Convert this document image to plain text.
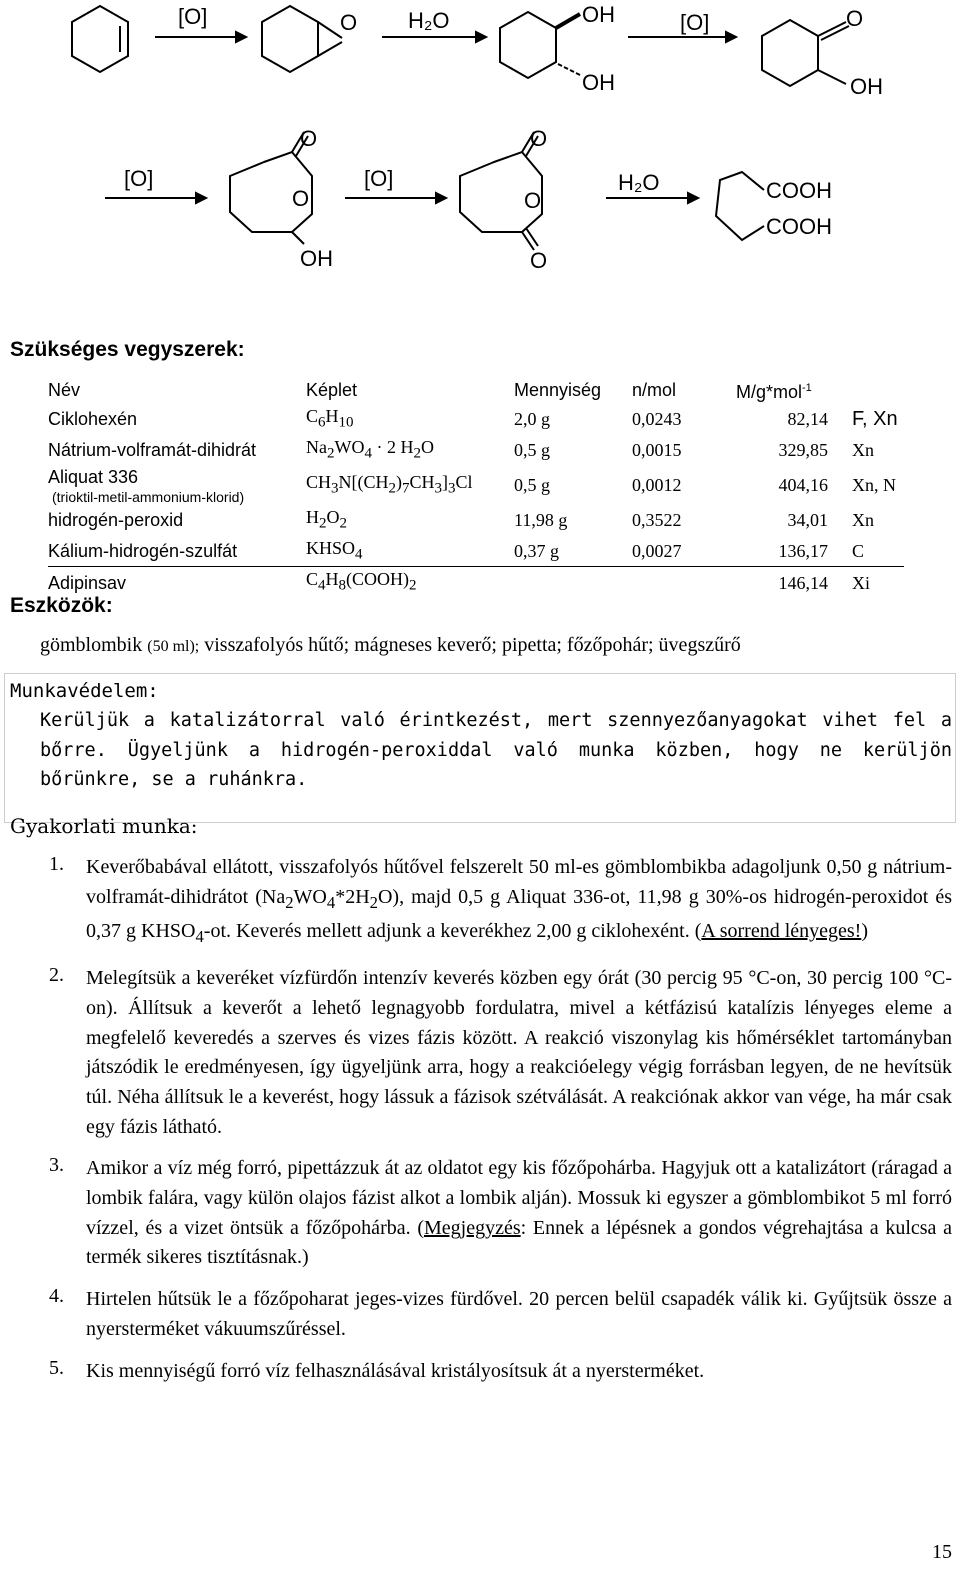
[O]	O H₂O	OH
OH
[O]	O
OH
[O]
O
O
OH
[O]
O
O
O
H₂O	COOH
COOH
Szükséges vegyszerek:
Név	Képlet	Mennyiség	n/mol	M/g*mol$^{-1}$	
Ciklohexén	$C_6H_{10}$	2,0 g	0,0243	82,14	F, Xn
Nátrium-volframát-dihidrát	$Na_2WO_4 \cdot 2$ $H_2O$	0,5 g	0,0015	329,85	Xn
Aliquat 336
(trioktil-metil-ammonium-klorid)	$CH_3N[(CH_2)_7CH_3]_3Cl$	0,5 g	0,0012	404,16	Xn, N
hidrogén-peroxid	$H_2O_2$	11,98 g	0,3522	34,01	Xn
Kálium-hidrogén-szulfát	$KHSO_4$	0,37 g	0,0027	136,17	C
Adipinsav	$C_4H_8(COOH)_2$			146,14	Xi
Eszközök:
gömblombik (50 ml); visszafolyós hűtő; mágneses keverő; pipetta; főzőpohár; üvegszűrő
Munkavédelem:
Kerüljük a katalizátorral való érintkezést, mert szennyezőanyagokat vihet fel a bőrre. Ügyeljünk a hidrogén-peroxiddal való munka közben, hogy ne kerüljön bőrünkre, se a ruhánkra.
Gyakorlati munka:
1. Keverőbabával ellátott, visszafolyós hűtővel felszerelt 50 ml-es gömblombikba adagoljunk 0,50 g nátrium-volframát-dihidrátot $(Na_2WO_4*2H_2O)$, majd 0,5 g Aliquat 336-ot, 11,98 g 30%-os hidrogén-peroxidot és 0,37 g $KHSO_4-ot$. Keverés mellett adjunk a keverékhez 2,00 g ciklohexént. (A sorrend lényeges!)
2. Melegítsük a keveréket vízfürdőn intenzív keverés közben egy órát (30 percig 95 °C-on, 30 percig 100 °C-on). Állítsuk a keverőt a lehető legnagyobb fordulatra, mivel a kétfázisú katalízis lényeges eleme a megfelelő keveredés a szerves és vizes fázis között. A reakció viszonylag kis hőmérséklet tartományban játszódik le eredményesen, így ügyeljünk arra, hogy a reakcióelegy végig forrásban legyen, de ne hevítsük túl. Néha állítsuk le a keverést, hogy lássuk a fázisok szétválását. A reakciónak akkor van vége, ha már csak egy fázis látható.
3. Amikor a víz még forró, pipettázzuk át az oldatot egy kis főzőpohárba. Hagyjuk ott a katalizátort (ráragad a lombik falára, vagy külön olajos fázist alkot a lombik alján). Mossuk ki egyszer a gömblombikot 5 ml forró vízzel, és a vizet öntsük a főzőpohárba. (Megjegyzés: Ennek a lépésnek a gondos végrehajtása a kulcsa a termék sikeres tisztításnak.)
4. Hirtelen hűtsük le a főzőpoharat jeges-vizes fürdővel. 20 percen belül csapadék válik ki. Gyűjtsük össze a nyersterméket vákuumszűréssel.
5. Kis mennyiségű forró víz felhasználásával kristályosítsuk át a nyersterméket.
15
